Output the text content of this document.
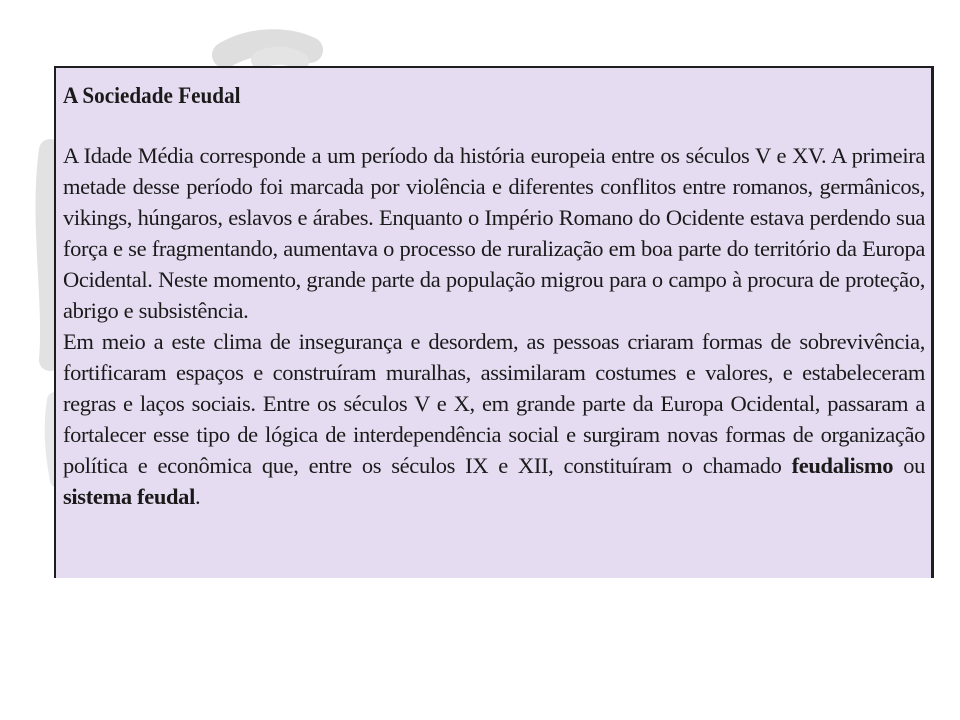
A Sociedade Feudal

A Idade Média corresponde a um período da história europeia entre os séculos V e XV. A primeira metade desse período foi marcada por violência e diferentes conflitos entre romanos, germânicos, vikings, húngaros, eslavos e árabes. Enquanto o Império Romano do Ocidente estava perdendo sua força e se fragmentando, aumentava o processo de ruralização em boa parte do território da Europa Ocidental. Neste momento, grande parte da população migrou para o campo à procura de proteção, abrigo e subsistência.

Em meio a este clima de insegurança e desordem, as pessoas criaram formas de sobrevivência, fortificaram espaços e construíram muralhas, assimilaram costumes e valores, e estabeleceram regras e laços sociais. Entre os séculos V e X, em grande parte da Europa Ocidental, passaram a fortalecer esse tipo de lógica de interdependência social e surgiram novas formas de organização política e econômica que, entre os séculos IX e XII, constituíram o chamado feudalismo ou sistema feudal.
